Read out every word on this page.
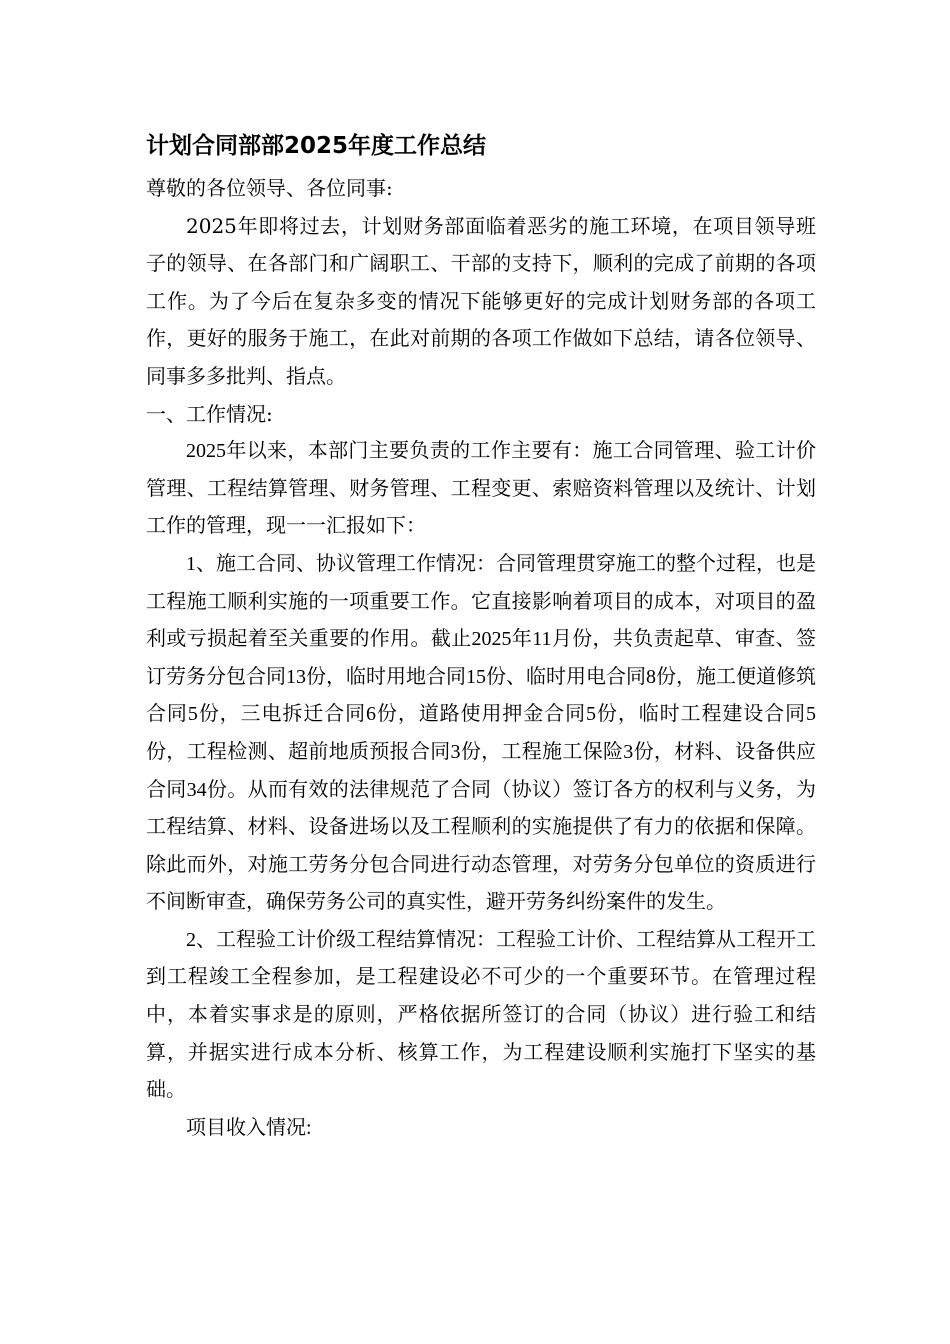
计划合同部部2025年度工作总结

尊敬的各位领导、各位同事:

2025年即将过去，计划财务部面临着恶劣的施工环境，在项目领导班子的领导、在各部门和广阔职工、干部的支持下，顺利的完成了前期的各项工作。为了今后在复杂多变的情况下能够更好的完成计划财务部的各项工作，更好的服务于施工，在此对前期的各项工作做如下总结，请各位领导、同事多多批判、指点。

一、工作情况:

2025年以来，本部门主要负责的工作主要有：施工合同管理、验工计价管理、工程结算管理、财务管理、工程变更、索赔资料管理以及统计、计划工作的管理，现一一汇报如下：

1、施工合同、协议管理工作情况：合同管理贯穿施工的整个过程，也是工程施工顺利实施的一项重要工作。它直接影响着项目的成本，对项目的盈利或亏损起着至关重要的作用。截止2025年11月份，共负责起草、审查、签订劳务分包合同13份，临时用地合同15份、临时用电合同8份，施工便道修筑合同5份，三电拆迁合同6份，道路使用押金合同5份，临时工程建设合同5份，工程检测、超前地质预报合同3份，工程施工保险3份，材料、设备供应合同34份。从而有效的法律规范了合同（协议）签订各方的权利与义务，为工程结算、材料、设备进场以及工程顺利的实施提供了有力的依据和保障。除此而外，对施工劳务分包合同进行动态管理，对劳务分包单位的资质进行不间断审查，确保劳务公司的真实性，避开劳务纠纷案件的发生。

2、工程验工计价级工程结算情况：工程验工计价、工程结算从工程开工到工程竣工全程参加，是工程建设必不可少的一个重要环节。在管理过程中，本着实事求是的原则，严格依据所签订的合同（协议）进行验工和结算，并据实进行成本分析、核算工作，为工程建设顺利实施打下坚实的基础。

项目收入情况:
